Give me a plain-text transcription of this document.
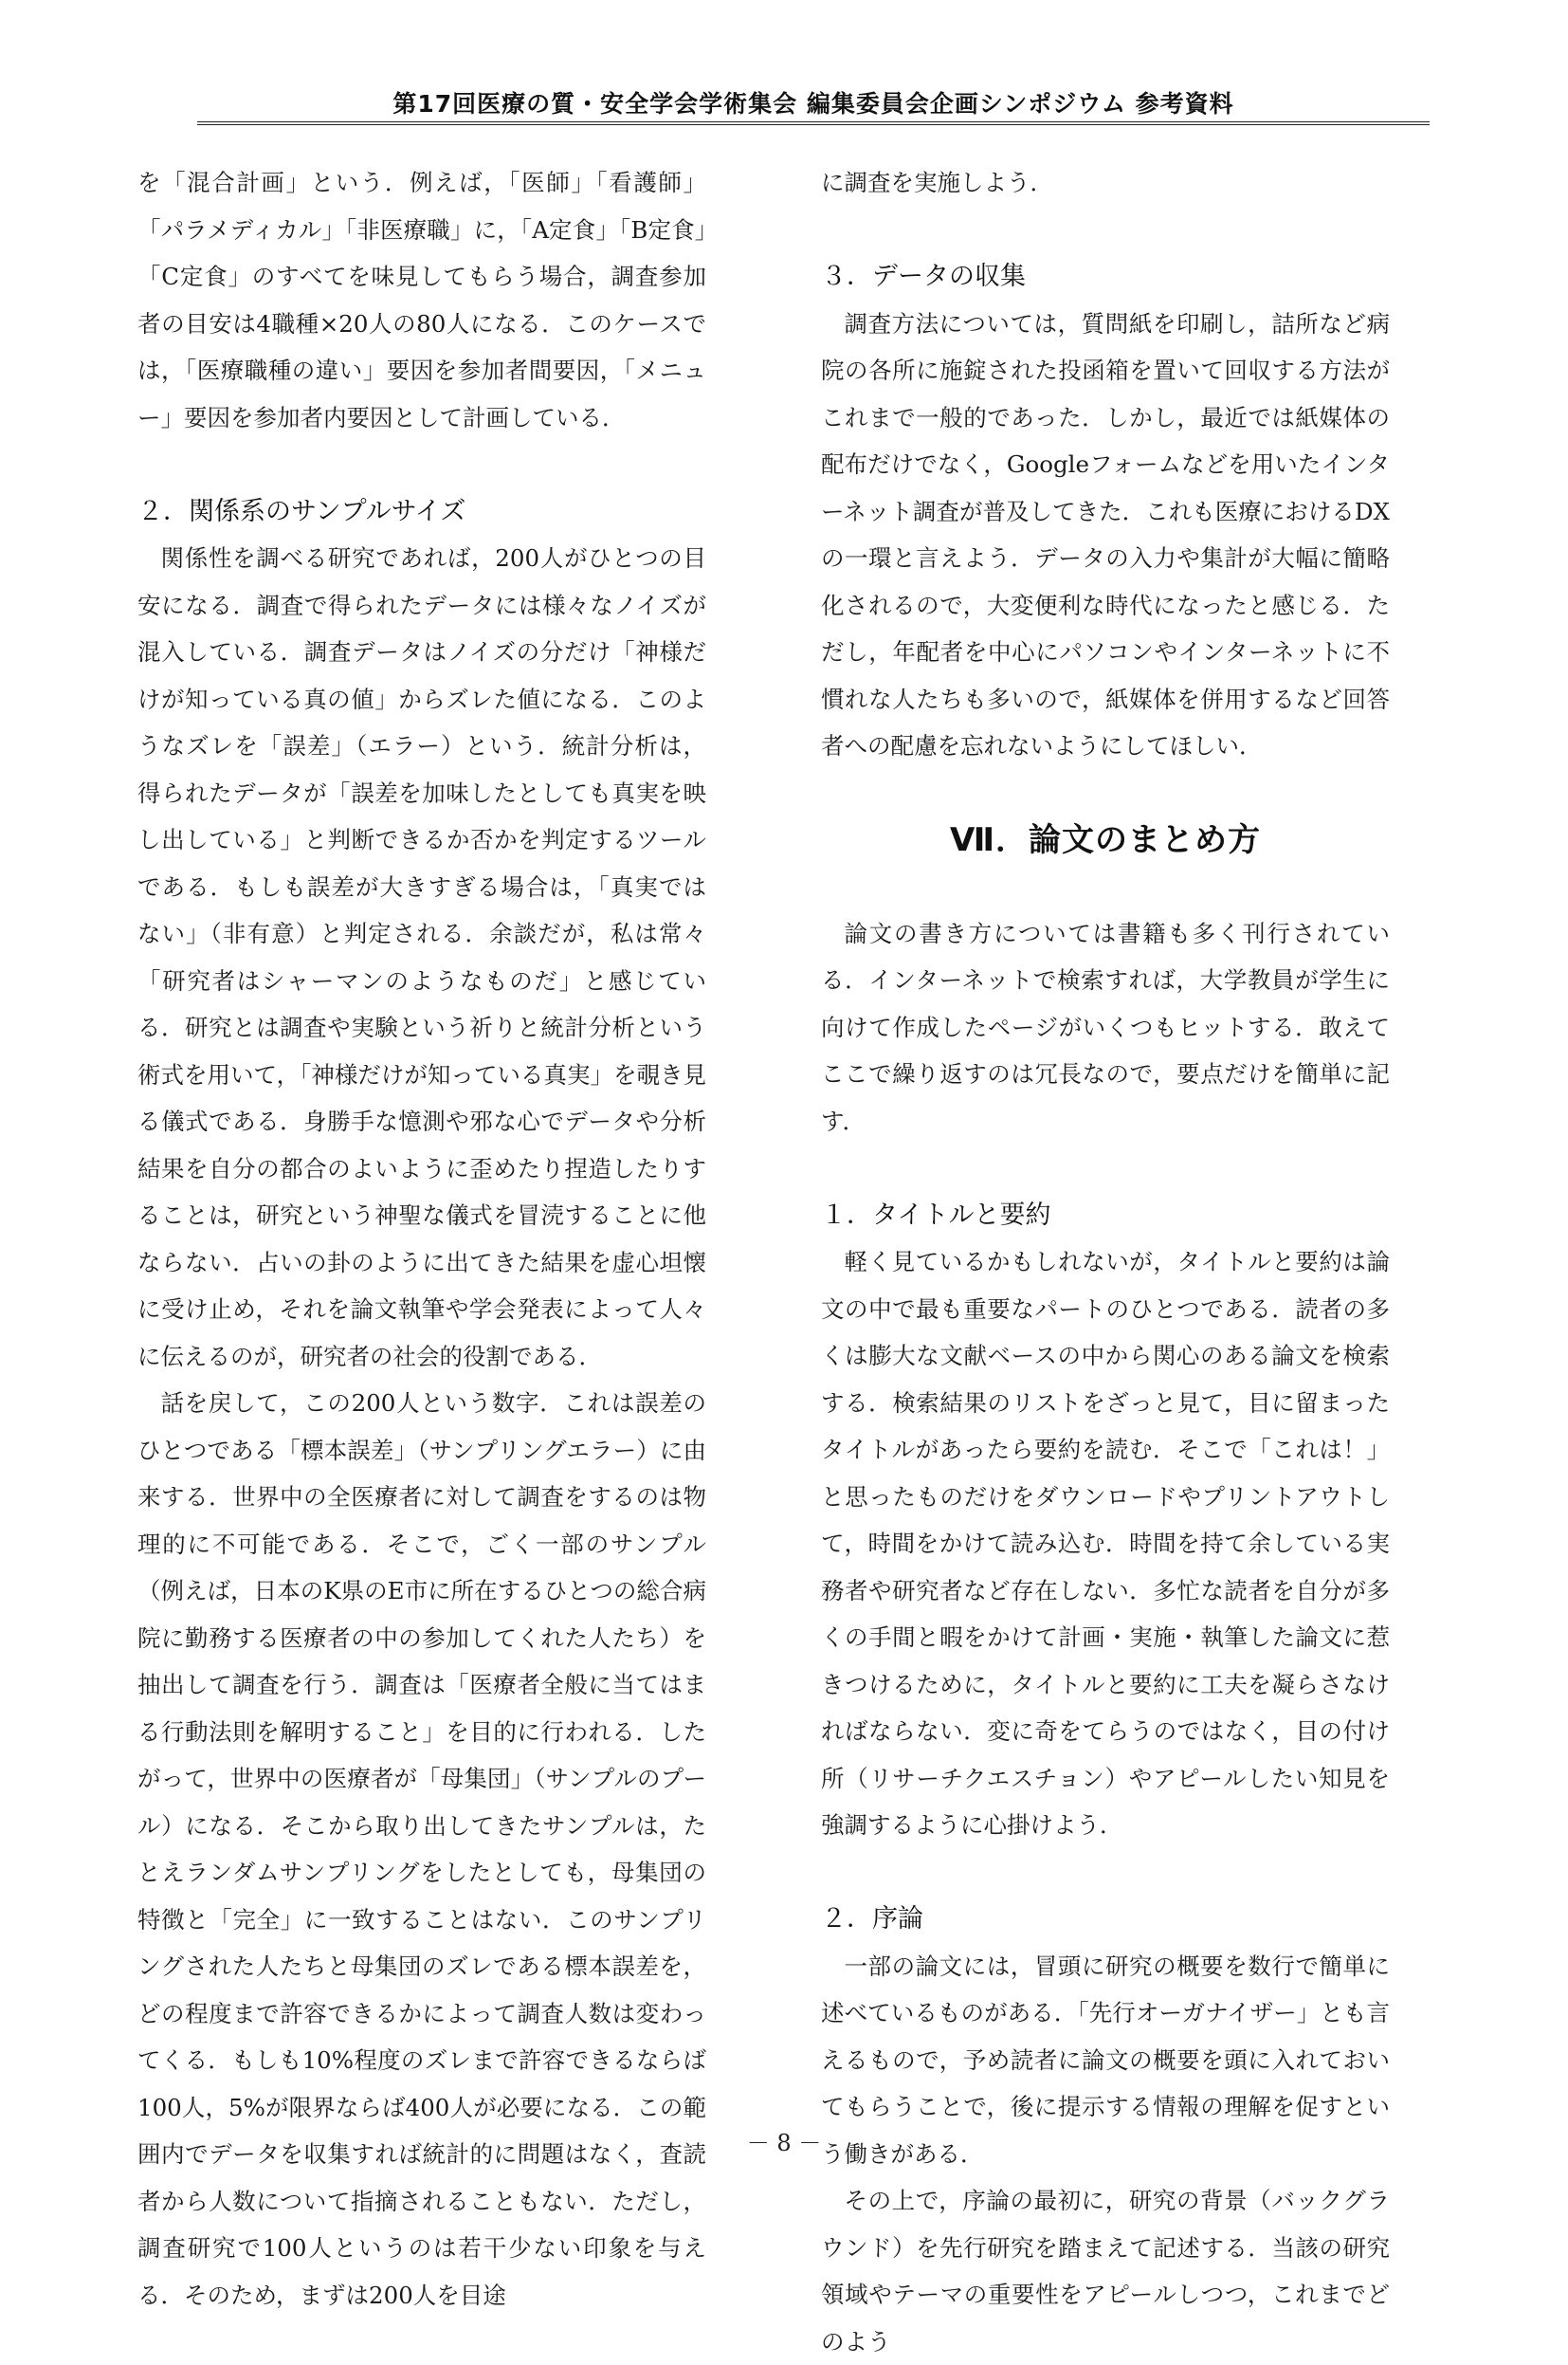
第17回医療の質・安全学会学術集会 編集委員会企画シンポジウム 参考資料

を「混合計画」という．例えば，「医師」「看護師」「パラメディカル」「非医療職」に，「A定食」「B定食」「C定食」のすべてを味見してもらう場合，調査参加者の目安は4職種×20人の80人になる．このケースでは，「医療職種の違い」要因を参加者間要因，「メニュー」要因を参加者内要因として計画している．

２．関係系のサンプルサイズ

関係性を調べる研究であれば，200人がひとつの目安になる．調査で得られたデータには様々なノイズが混入している．調査データはノイズの分だけ「神様だけが知っている真の値」からズレた値になる．このようなズレを「誤差」（エラー）という．統計分析は，得られたデータが「誤差を加味したとしても真実を映し出している」と判断できるか否かを判定するツールである．もしも誤差が大きすぎる場合は，「真実ではない」（非有意）と判定される．余談だが，私は常々「研究者はシャーマンのようなものだ」と感じている．研究とは調査や実験という祈りと統計分析という術式を用いて，「神様だけが知っている真実」を覗き見る儀式である．身勝手な憶測や邪な心でデータや分析結果を自分の都合のよいように歪めたり捏造したりすることは，研究という神聖な儀式を冒涜することに他ならない．占いの卦のように出てきた結果を虚心坦懐に受け止め，それを論文執筆や学会発表によって人々に伝えるのが，研究者の社会的役割である．

話を戻して，この200人という数字．これは誤差のひとつである「標本誤差」（サンプリングエラー）に由来する．世界中の全医療者に対して調査をするのは物理的に不可能である．そこで，ごく一部のサンプル（例えば，日本のK県のE市に所在するひとつの総合病院に勤務する医療者の中の参加してくれた人たち）を抽出して調査を行う．調査は「医療者全般に当てはまる行動法則を解明すること」を目的に行われる．したがって，世界中の医療者が「母集団」（サンプルのプール）になる．そこから取り出してきたサンプルは，たとえランダムサンプリングをしたとしても，母集団の特徴と「完全」に一致することはない．このサンプリングされた人たちと母集団のズレである標本誤差を，どの程度まで許容できるかによって調査人数は変わってくる．もしも10%程度のズレまで許容できるならば100人，5%が限界ならば400人が必要になる．この範囲内でデータを収集すれば統計的に問題はなく，査読者から人数について指摘されることもない．ただし，調査研究で100人というのは若干少ない印象を与える．そのため，まずは200人を目途

に調査を実施しよう．

３．データの収集

調査方法については，質問紙を印刷し，詰所など病院の各所に施錠された投函箱を置いて回収する方法がこれまで一般的であった．しかし，最近では紙媒体の配布だけでなく，Googleフォームなどを用いたインターネット調査が普及してきた．これも医療におけるDXの一環と言えよう．データの入力や集計が大幅に簡略化されるので，大変便利な時代になったと感じる．ただし，年配者を中心にパソコンやインターネットに不慣れな人たちも多いので，紙媒体を併用するなど回答者への配慮を忘れないようにしてほしい．

Ⅶ．論文のまとめ方

論文の書き方については書籍も多く刊行されている．インターネットで検索すれば，大学教員が学生に向けて作成したページがいくつもヒットする．敢えてここで繰り返すのは冗長なので，要点だけを簡単に記す．

１．タイトルと要約

軽く見ているかもしれないが，タイトルと要約は論文の中で最も重要なパートのひとつである．読者の多くは膨大な文献ベースの中から関心のある論文を検索する．検索結果のリストをざっと見て，目に留まったタイトルがあったら要約を読む．そこで「これは！」と思ったものだけをダウンロードやプリントアウトして，時間をかけて読み込む．時間を持て余している実務者や研究者など存在しない．多忙な読者を自分が多くの手間と暇をかけて計画・実施・執筆した論文に惹きつけるために，タイトルと要約に工夫を凝らさなければならない．変に奇をてらうのではなく，目の付け所（リサーチクエスチョン）やアピールしたい知見を強調するように心掛けよう．

２．序論

一部の論文には，冒頭に研究の概要を数行で簡単に述べているものがある．「先行オーガナイザー」とも言えるもので，予め読者に論文の概要を頭に入れておいてもらうことで，後に提示する情報の理解を促すという働きがある．

その上で，序論の最初に，研究の背景（バックグラウンド）を先行研究を踏まえて記述する．当該の研究領域やテーマの重要性をアピールしつつ，これまでどのよう

－ 8 －
